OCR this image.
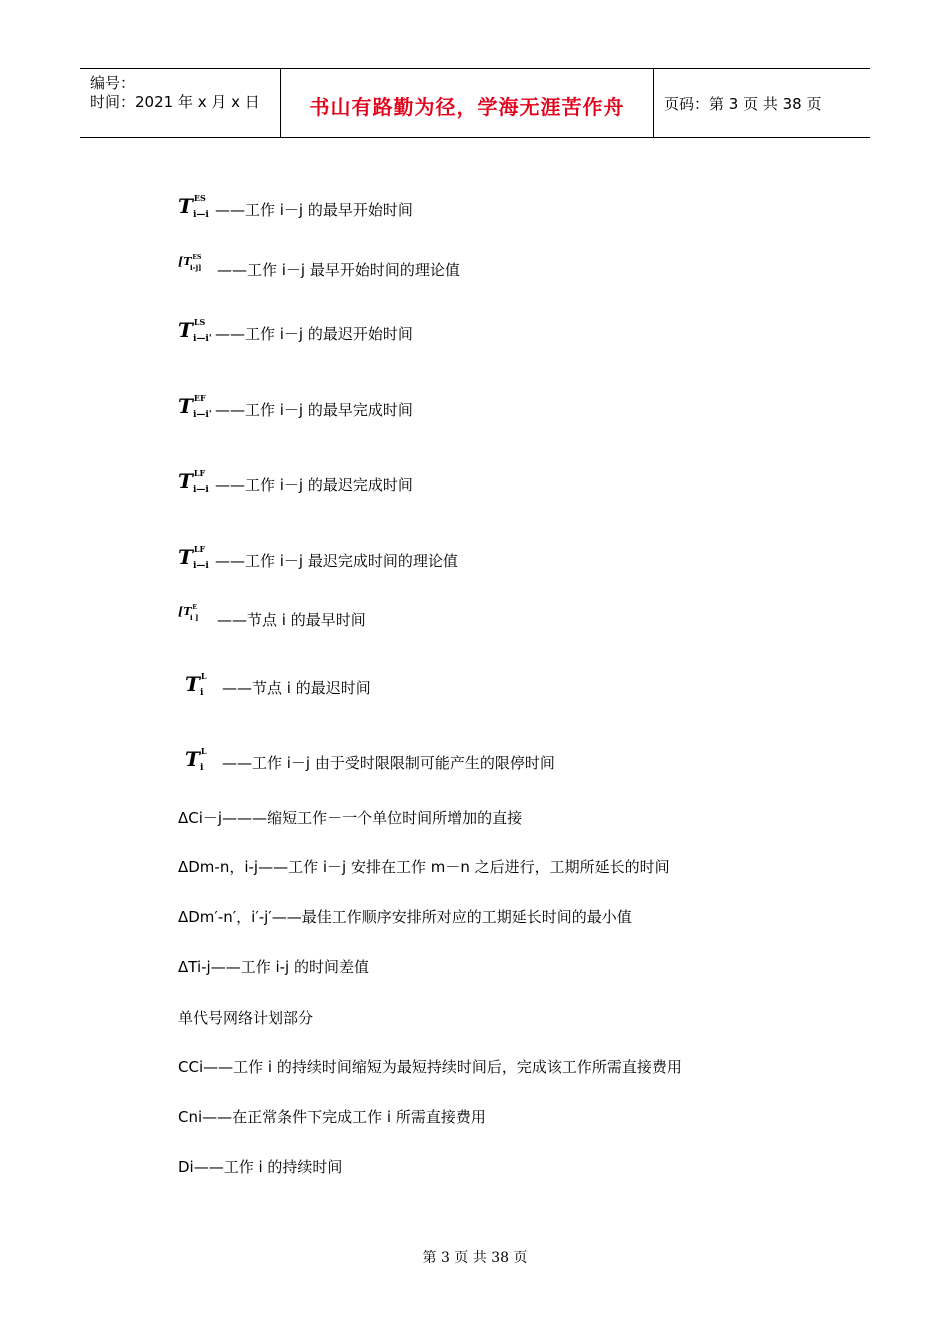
编号：
时间：2021 年 x 月 x 日	书山有路勤为径，学海无涯苦作舟	页码：第 3 页 共 38 页
T ES
i—i ——工作 i－j 的最早开始时间
[T ES
i-j] ——工作 i－j 最早开始时间的理论值
T LS
i—i' ——工作 i－j 的最迟开始时间
T EF
i—i' ——工作 i－j 的最早完成时间
T LF
i—i ——工作 i－j 的最迟完成时间
T LF
i—i ——工作 i－j 最迟完成时间的理论值
[T E
i ] ——节点 i 的最早时间
T L
i ——节点 i 的最迟时间
T L
i ——工作 i－j 由于受时限限制可能产生的限停时间
ΔCi－j———缩短工作－一个单位时间所增加的直接
ΔDm-n，i-j——工作 i－j 安排在工作 m－n 之后进行，工期所延长的时间
ΔDm′-n′，i′-j′——最佳工作顺序安排所对应的工期延长时间的最小值
ΔTi-j——工作 i-j 的时间差值
单代号网络计划部分
CCi——工作 i 的持续时间缩短为最短持续时间后，完成该工作所需直接费用
Cni——在正常条件下完成工作 i 所需直接费用
Di——工作 i 的持续时间
第 3 页 共 38 页
